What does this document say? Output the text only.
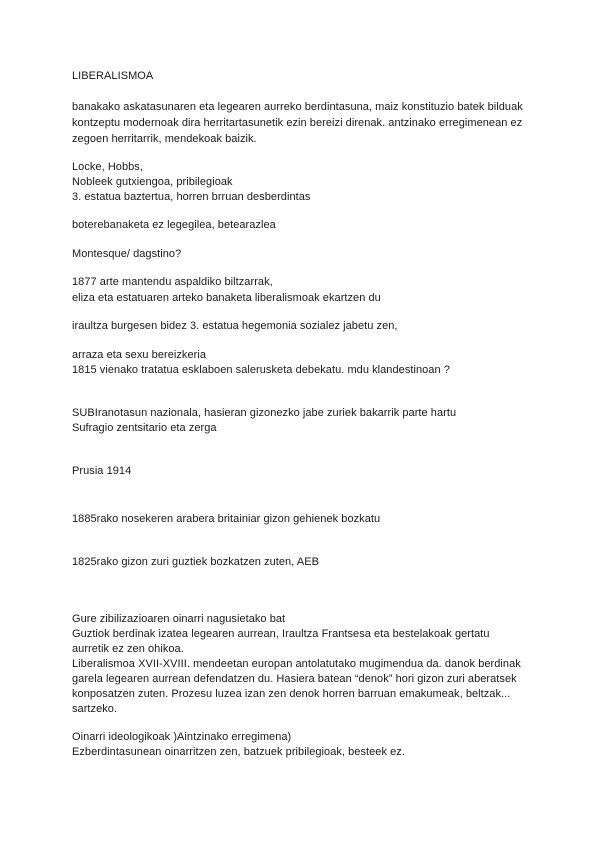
LIBERALISMOA
banakako askatasunaren eta legearen aurreko berdintasuna, maiz konstituzio batek bilduak
kontzeptu modernoak dira herritartasunetik ezin bereizi direnak. antzinako erregimenean ez
zegoen herritarrik, mendekoak baizik.
Locke, Hobbs,
Nobleek gutxiengoa, pribilegioak
3. estatua baztertua, horren brruan desberdintas
boterebanaketa ez legegilea, betearazlea
Montesque/ dagstino?
1877 arte mantendu aspaldiko biltzarrak,
eliza eta estatuaren arteko banaketa liberalismoak ekartzen du
iraultza burgesen bidez 3. estatua hegemonia sozialez jabetu zen,
arraza eta sexu bereizkeria
1815 vienako tratatua esklaboen salerusketa debekatu. mdu klandestinoan ?
SUBIranotasun nazionala, hasieran gizonezko jabe zuriek bakarrik parte hartu
Sufragio zentsitario eta zerga
Prusia 1914
1885rako nosekeren arabera britainiar gizon gehienek bozkatu
1825rako gizon zuri guztiek bozkatzen zuten, AEB
Gure zibilizazioaren oinarri nagusietako bat
Guztiok berdinak izatea legearen aurrean, Iraultza Frantsesa eta bestelakoak gertatu
aurretik ez zen ohikoa.
Liberalismoa XVII-XVIII. mendeetan europan antolatutako mugimendua da. danok berdinak
garela legearen aurrean defendatzen du. Hasiera batean “denok” hori gizon zuri aberatsek
konposatzen zuten. Prozesu luzea izan zen denok horren barruan emakumeak, beltzak...
sartzeko.
Oinarri ideologikoak )Aintzinako erregimena)
Ezberdintasunean oinarritzen zen, batzuek pribilegioak, besteek ez.
